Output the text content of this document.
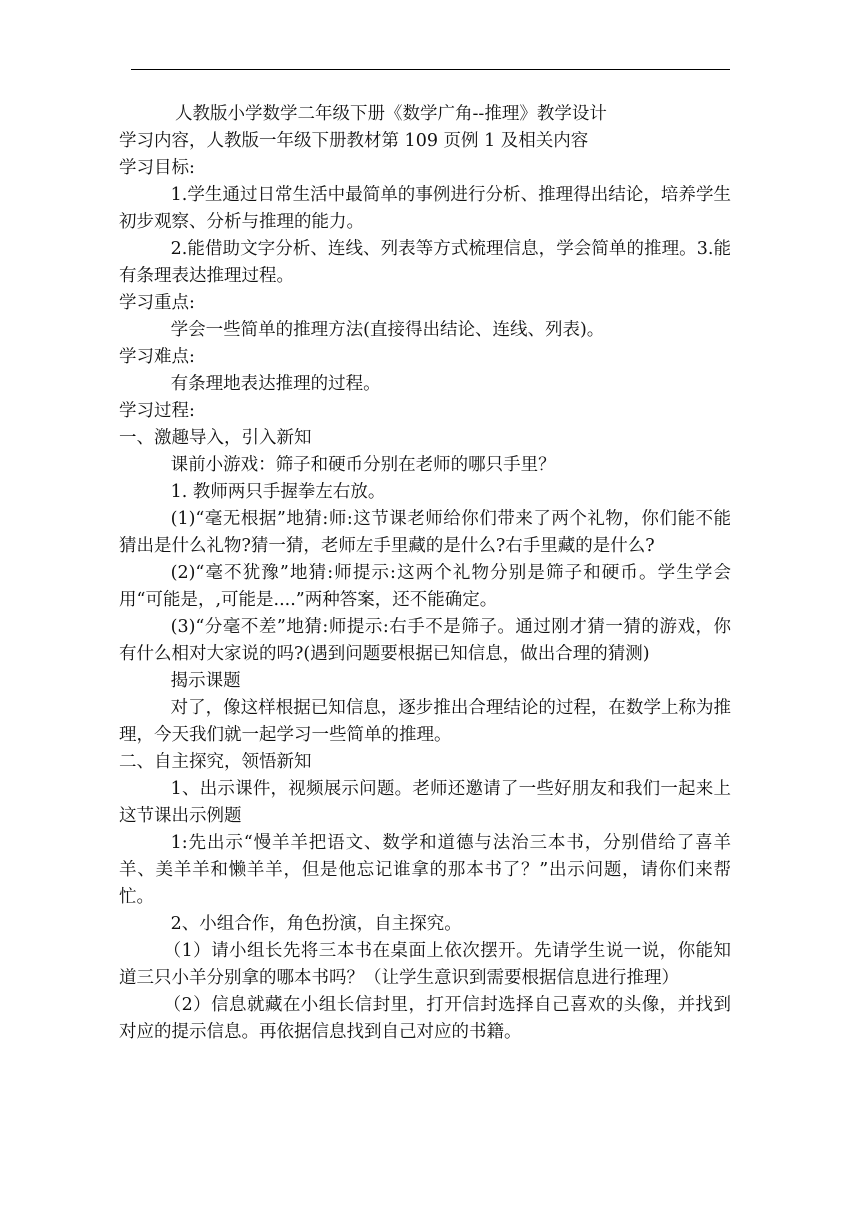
人教版小学数学二年级下册《数学广角--推理》教学设计

学习内容，人教版一年级下册教材第 109 页例 1 及相关内容

学习目标:

1.学生通过日常生活中最简单的事例进行分析、推理得出结论，培养学生初步观察、分析与推理的能力。

2.能借助文字分析、连线、列表等方式梳理信息，学会简单的推理。3.能有条理表达推理过程。

学习重点:

学会一些简单的推理方法(直接得出结论、连线、列表)。

学习难点:

有条理地表达推理的过程。

学习过程:

一、激趣导入，引入新知

课前小游戏：筛子和硬币分别在老师的哪只手里？

1. 教师两只手握拳左右放。

(1)“毫无根据”地猜:师:这节课老师给你们带来了两个礼物，你们能不能猜出是什么礼物?猜一猜，老师左手里藏的是什么?右手里藏的是什么?

(2)“毫不犹豫”地猜:师提示:这两个礼物分别是筛子和硬币。学生学会用“可能是，,可能是....”两种答案，还不能确定。

(3)“分毫不差”地猜:师提示:右手不是筛子。通过刚才猜一猜的游戏，你有什么相对大家说的吗?(遇到问题要根据已知信息，做出合理的猜测)

揭示课题

对了，像这样根据已知信息，逐步推出合理结论的过程，在数学上称为推理，今天我们就一起学习一些简单的推理。

二、自主探究，领悟新知

1、出示课件，视频展示问题。老师还邀请了一些好朋友和我们一起来上这节课出示例题

1:先出示“慢羊羊把语文、数学和道德与法治三本书，分别借给了喜羊羊、美羊羊和懒羊羊，但是他忘记谁拿的那本书了？”出示问题，请你们来帮忙。

2、小组合作，角色扮演，自主探究。

（1）请小组长先将三本书在桌面上依次摆开。先请学生说一说，你能知道三只小羊分别拿的哪本书吗？（让学生意识到需要根据信息进行推理）

（2）信息就藏在小组长信封里，打开信封选择自己喜欢的头像，并找到对应的提示信息。再依据信息找到自己对应的书籍。
